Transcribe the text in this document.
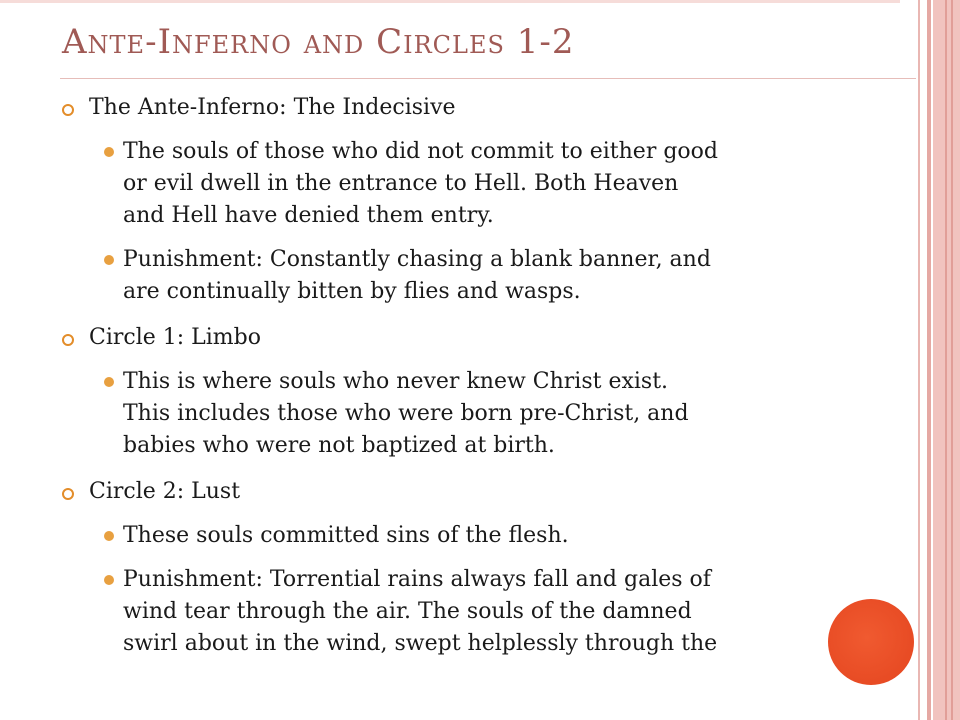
Ante-Inferno and Circles 1-2
The Ante-Inferno: The Indecisive
The souls of those who did not commit to either good
or evil dwell in the entrance to Hell. Both Heaven
and Hell have denied them entry.
Punishment: Constantly chasing a blank banner, and
are continually bitten by flies and wasps.
Circle 1: Limbo
This is where souls who never knew Christ exist.
This includes those who were born pre-Christ, and
babies who were not baptized at birth.
Circle 2: Lust
These souls committed sins of the flesh.
Punishment: Torrential rains always fall and gales of
wind tear through the air. The souls of the damned
swirl about in the wind, swept helplessly through the
